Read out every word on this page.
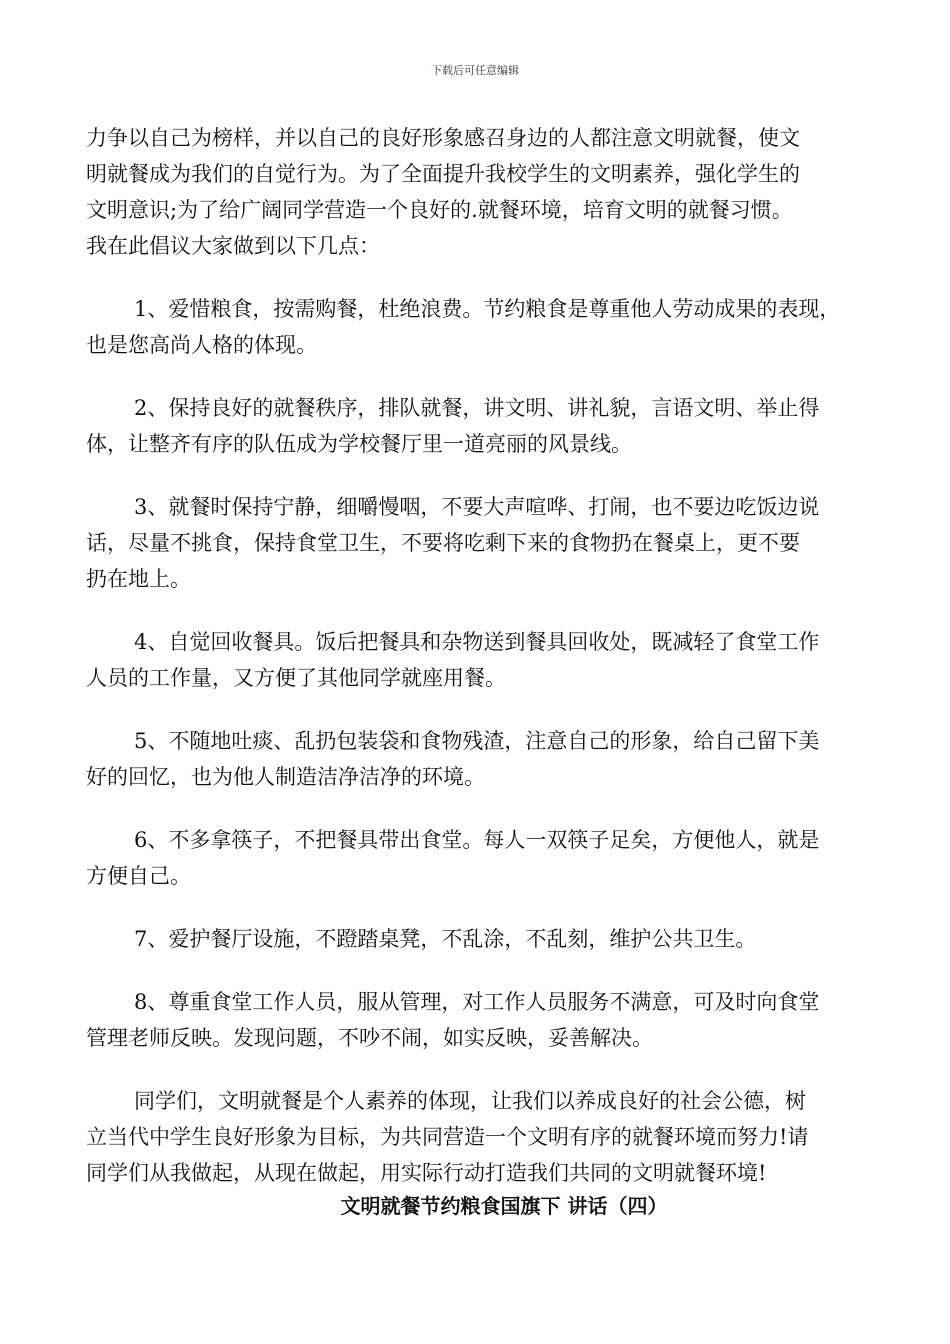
下载后可任意编辑
力争以自己为榜样，并以自己的良好形象感召身边的人都注意文明就餐，使文
明就餐成为我们的自觉行为。为了全面提升我校学生的文明素养，强化学生的
文明意识;为了给广阔同学营造一个良好的.就餐环境，培育文明的就餐习惯。
我在此倡议大家做到以下几点：
1、爱惜粮食，按需购餐，杜绝浪费。节约粮食是尊重他人劳动成果的表现，
也是您高尚人格的体现。
2、保持良好的就餐秩序，排队就餐，讲文明、讲礼貌，言语文明、举止得
体，让整齐有序的队伍成为学校餐厅里一道亮丽的风景线。
3、就餐时保持宁静，细嚼慢咽，不要大声喧哗、打闹，也不要边吃饭边说
话，尽量不挑食，保持食堂卫生，不要将吃剩下来的食物扔在餐桌上，更不要
扔在地上。
4、自觉回收餐具。饭后把餐具和杂物送到餐具回收处，既减轻了食堂工作
人员的工作量，又方便了其他同学就座用餐。
5、不随地吐痰、乱扔包装袋和食物残渣，注意自己的形象，给自己留下美
好的回忆，也为他人制造洁净洁净的环境。
6、不多拿筷子，不把餐具带出食堂。每人一双筷子足矣，方便他人，就是
方便自己。
7、爱护餐厅设施，不蹬踏桌凳，不乱涂，不乱刻，维护公共卫生。
8、尊重食堂工作人员，服从管理，对工作人员服务不满意，可及时向食堂
管理老师反映。发现问题，不吵不闹，如实反映，妥善解决。
同学们，文明就餐是个人素养的体现，让我们以养成良好的社会公德，树
立当代中学生良好形象为目标，为共同营造一个文明有序的就餐环境而努力!请
同学们从我做起，从现在做起，用实际行动打造我们共同的文明就餐环境!
文明就餐节约粮食国旗下 讲话（四）
